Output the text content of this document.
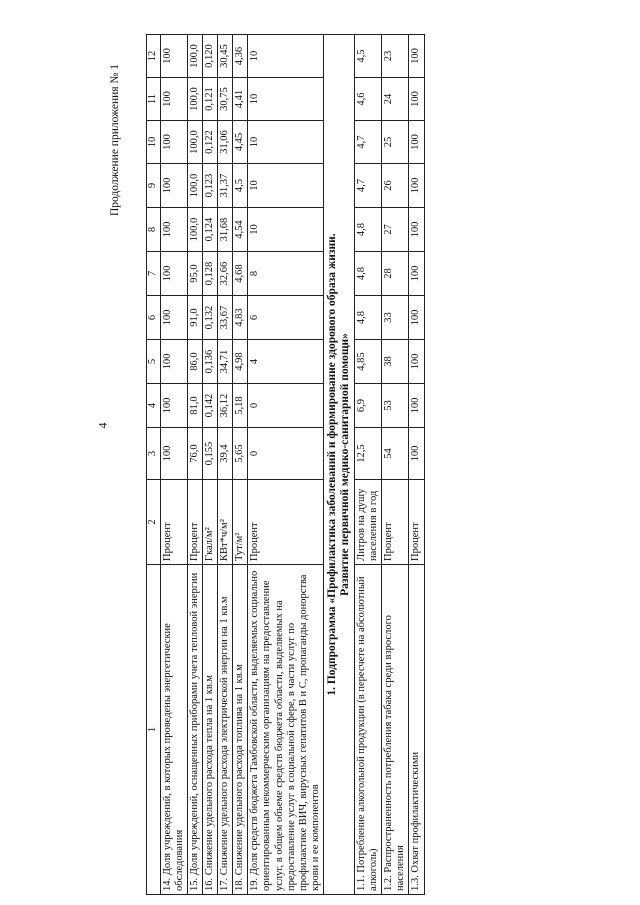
4
Продолжение приложения № 1
1	2	3	4	5	6	7	8	9	10	11	12
14. Доля учреждений, в которых проведены энергетические обследования	Процент	100	100	100	100	100	100	100	100	100	100
15. Доля учреждений, оснащенных приборами учета тепловой энергии	Процент	76,0	81,0	86,0	91,0	95,0	100,0	100,0	100,0	100,0	100,0
16. Снижение удельного расхода тепла на 1 кв.м	Гкал/м²	0,155	0,142	0,136	0,132	0,128	0,124	0,123	0,122	0,121	0,120
17. Снижение удельного расхода электрической энергии на 1 кв.м	КВт*ч/м²	39,4	36,12	34,71	33,67	32,66	31,68	31,37	31,06	30,75	30,45
18. Снижение удельного расхода топлива на 1 кв.м	Тут/м²	5,65	5,18	4,98	4,83	4,68	4,54	4,5	4,45	4,41	4,36
19. Доля средств бюджета Тамбовской области, выделяемых социально ориентированным некоммерческим организациям на предоставление услуг, в общем объеме средств бюджета области, выделяемых на предоставление услуг в социальной сфере, в части услуг по профилактике ВИЧ, вирусных гепатитов В и С, пропаганды донорства крови и ее компонентов	Процент	0	0	4	6	8	10	10	10	10	10

1. Подпрограмма «Профилактика заболеваний и формирование здорового образа жизни. Развитие первичной медико-санитарной помощи»											

1.1. Потребление алкогольной продукции (в пересчете на абсолютный алкоголь)	Литров на душу населения в год	12,5	6,9	4,85	4,8	4,8	4,8	4,7	4,7	4,6	4,5
1.2. Распространенность потребления табака среди взрослого населения	Процент	54	53	38	33	28	27	26	25	24	23
1.3. Охват профилактическими	Процент	100	100	100	100	100	100	100	100	100	100
